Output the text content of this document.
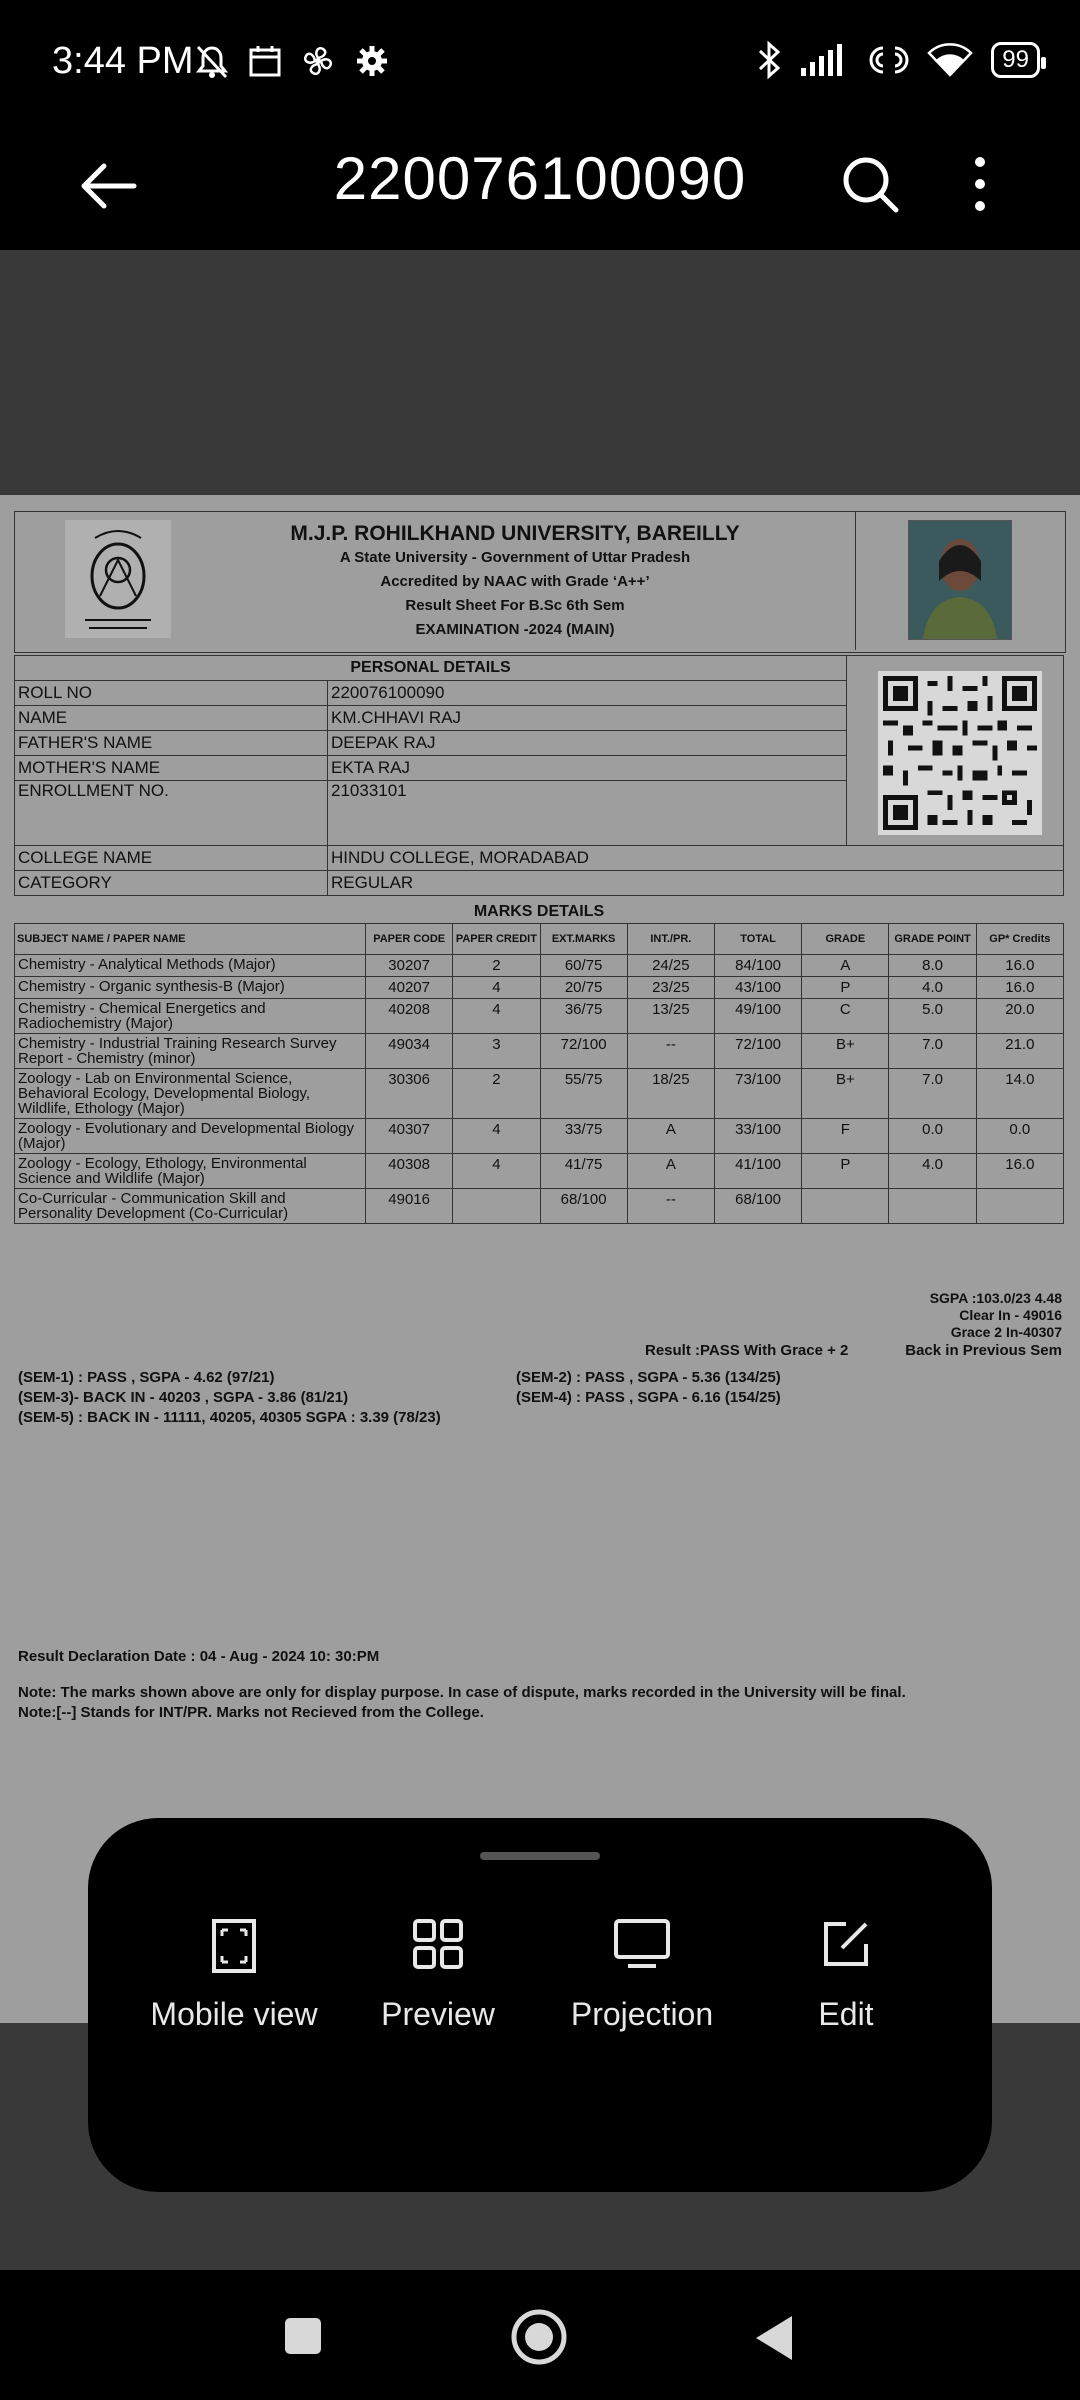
3:44 PM	99
220076100090
M.J.P. ROHILKHAND UNIVERSITY, BAREILLY
A State University - Government of Uttar Pradesh
Accredited by NAAC with Grade ‘A++’
Result Sheet For B.Sc 6th Sem
EXAMINATION -2024 (MAIN)
PERSONAL DETAILS		
ROLL NO	220076100090	
NAME	KM.CHHAVI RAJ	
FATHER'S NAME	DEEPAK RAJ	
MOTHER'S NAME	EKTA RAJ	
ENROLLMENT NO.	21033101	
COLLEGE NAME	HINDU COLLEGE, MORADABAD	
CATEGORY	REGULAR	
MARKS DETAILS
SUBJECT NAME / PAPER NAME	PAPER CODE	PAPER CREDIT	EXT.MARKS	INT./PR.	TOTAL	GRADE	GRADE POINT	GP* Credits
Chemistry - Analytical Methods (Major)	30207	2	60/75	24/25	84/100	A	8.0	16.0
Chemistry - Organic synthesis-B (Major)	40207	4	20/75	23/25	43/100	P	4.0	16.0
Chemistry - Chemical Energetics and Radiochemistry (Major)	40208	4	36/75	13/25	49/100	C	5.0	20.0
Chemistry - Industrial Training Research Survey Report - Chemistry (minor)	49034	3	72/100	--	72/100	B+	7.0	21.0
Zoology - Lab on Environmental Science, Behavioral Ecology, Developmental Biology, Wildlife, Ethology (Major)	30306	2	55/75	18/25	73/100	B+	7.0	14.0
Zoology - Evolutionary and Developmental Biology (Major)	40307	4	33/75	A	33/100	F	0.0	0.0
Zoology - Ecology, Ethology, Environmental Science and Wildlife (Major)	40308	4	41/75	A	41/100	P	4.0	16.0
Co-Curricular - Communication Skill and Personality Development (Co-Curricular)	49016		68/100	--	68/100			
SGPA :103.0/23 4.48
Clear In - 49016
Grace 2 In-40307
Result :PASS With Grace + 2	Back in Previous Sem
(SEM-1) : PASS , SGPA - 4.62 (97/21)
(SEM-3)- BACK IN - 40203 , SGPA - 3.86 (81/21)
(SEM-5) : BACK IN - 11111, 40205, 40305 SGPA : 3.39 (78/23)
(SEM-2) : PASS , SGPA - 5.36 (134/25)
(SEM-4) : PASS , SGPA - 6.16 (154/25)
Result Declaration Date : 04 - Aug - 2024 10: 30:PM
Note: The marks shown above are only for display purpose. In case of dispute, marks recorded in the University will be final.
Note:[--] Stands for INT/PR. Marks not Recieved from the College.
Mobile view	Preview	Projection	Edit
